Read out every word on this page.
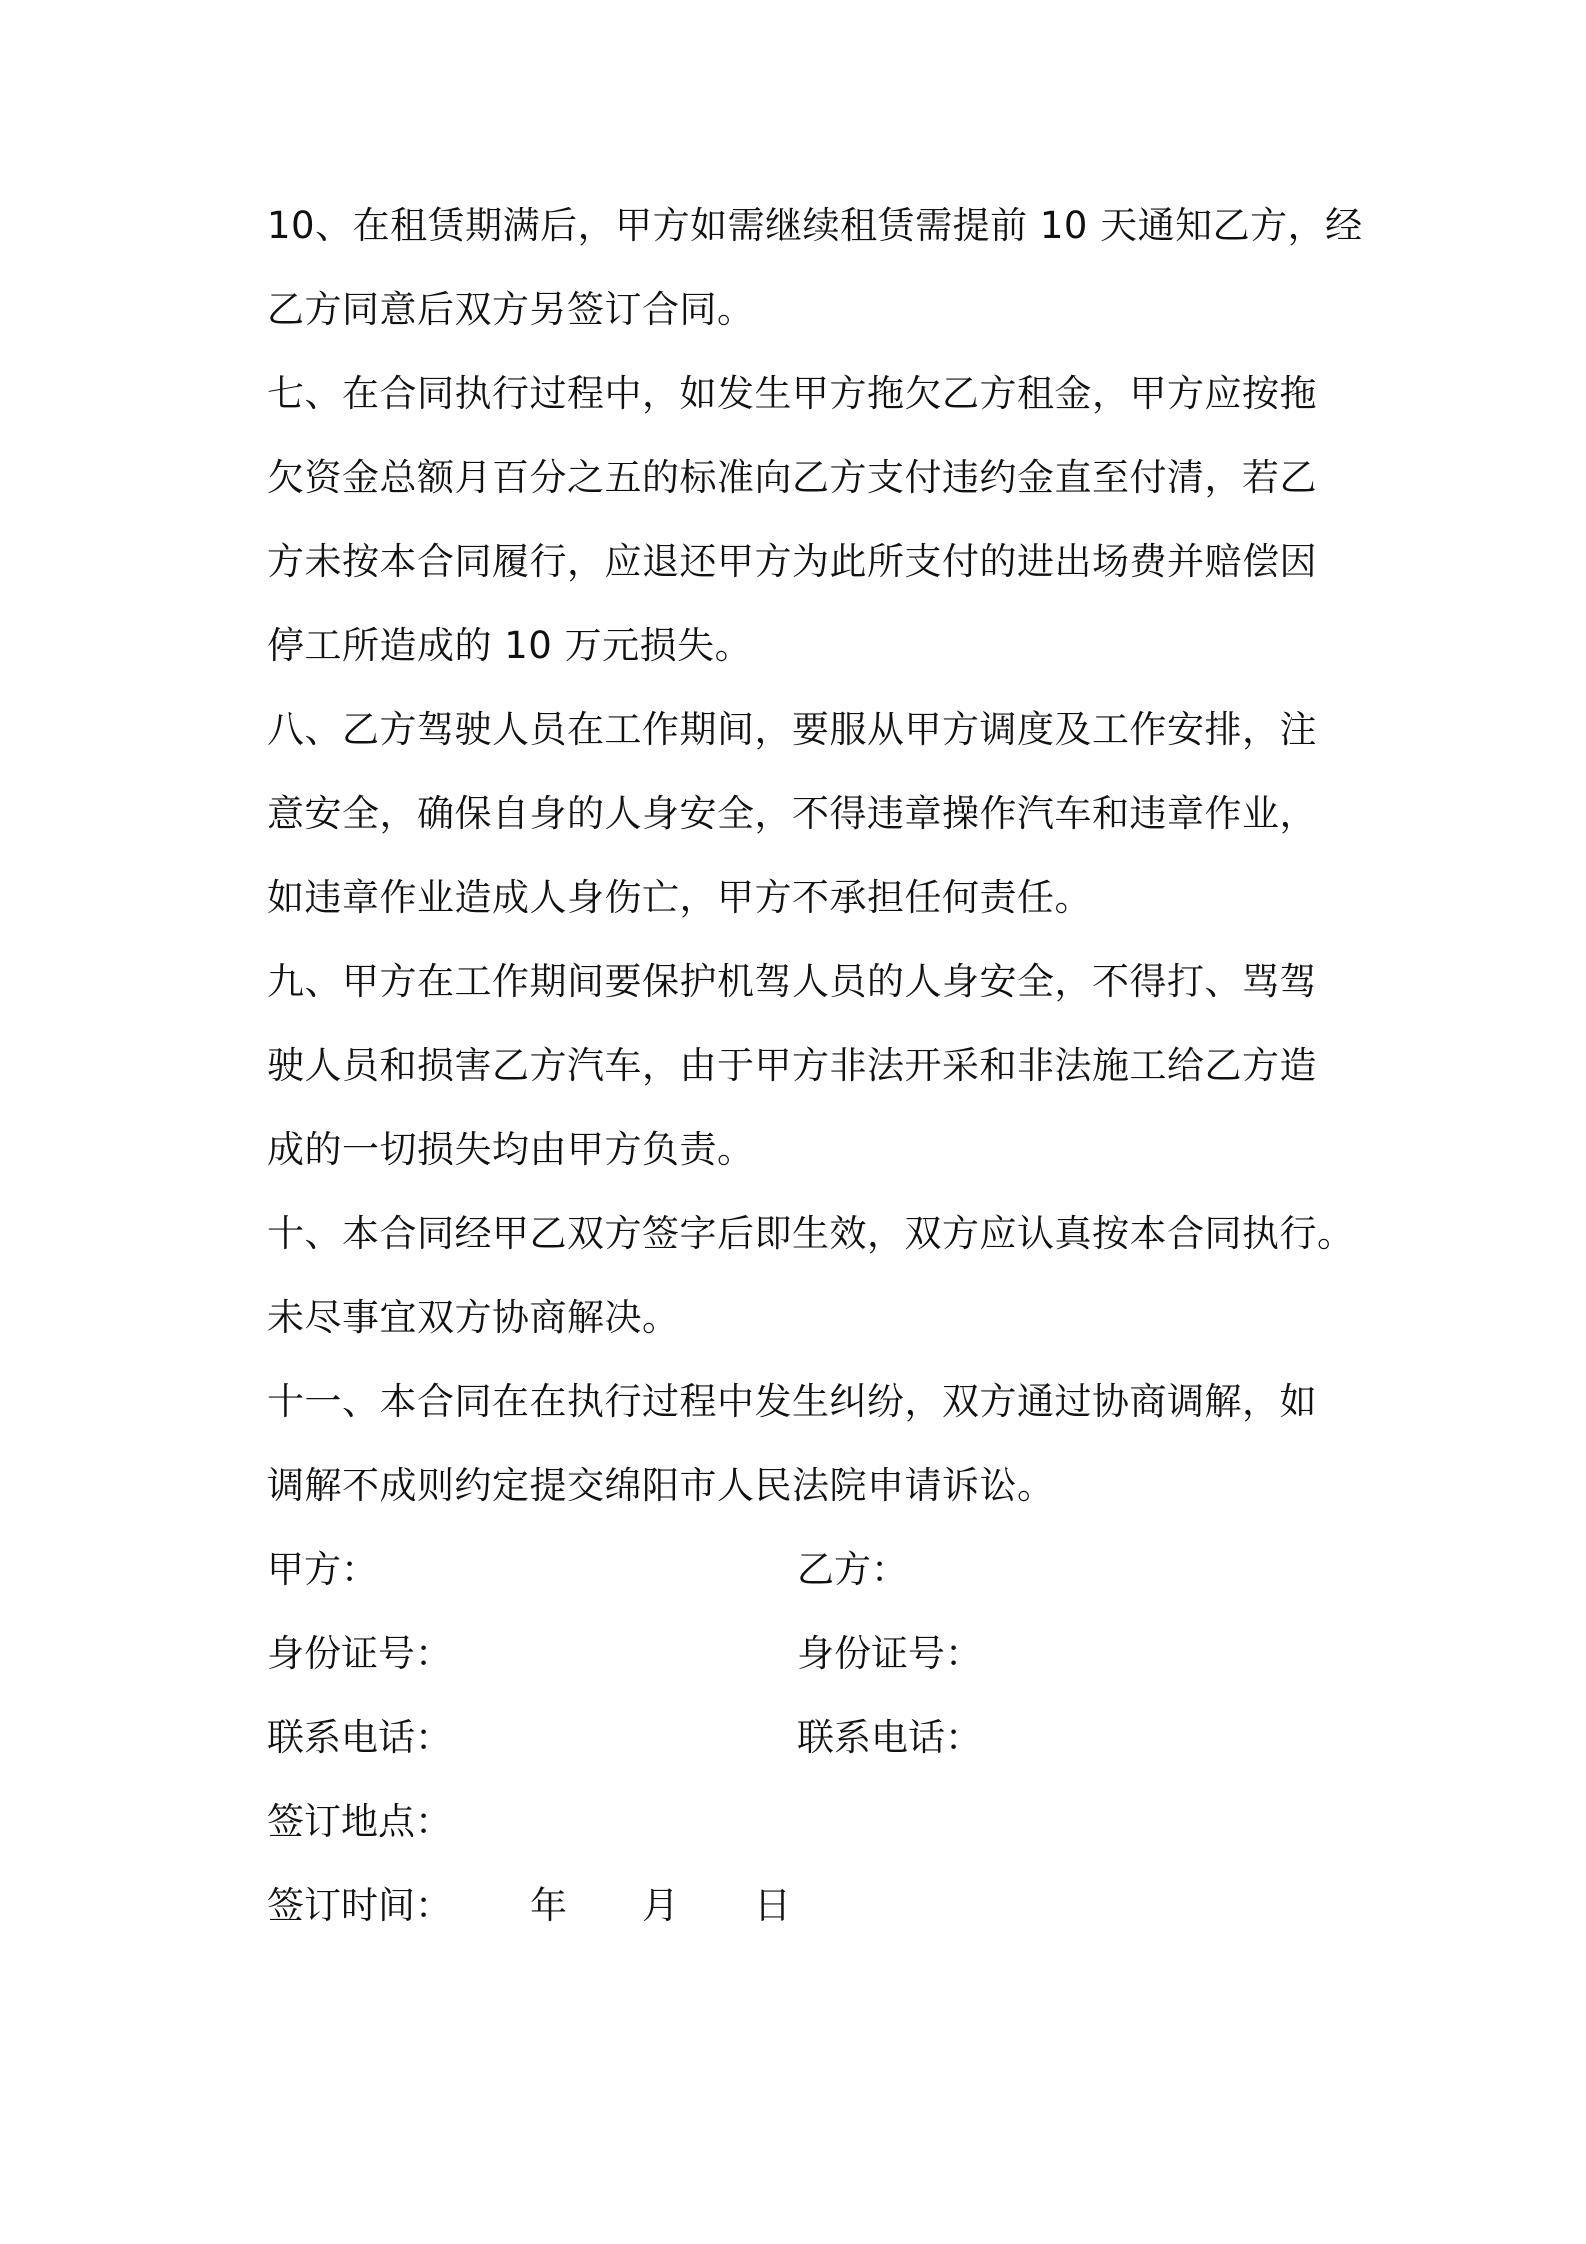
10、在租赁期满后，甲方如需继续租赁需提前 10 天通知乙方，经
乙方同意后双方另签订合同。
七、在合同执行过程中，如发生甲方拖欠乙方租金，甲方应按拖
欠资金总额月百分之五的标准向乙方支付违约金直至付清，若乙
方未按本合同履行，应退还甲方为此所支付的进出场费并赔偿因
停工所造成的 10 万元损失。
八、乙方驾驶人员在工作期间，要服从甲方调度及工作安排，注
意安全，确保自身的人身安全，不得违章操作汽车和违章作业，
如违章作业造成人身伤亡，甲方不承担任何责任。
九、甲方在工作期间要保护机驾人员的人身安全，不得打、骂驾
驶人员和损害乙方汽车，由于甲方非法开采和非法施工给乙方造
成的一切损失均由甲方负责。
十、本合同经甲乙双方签字后即生效，双方应认真按本合同执行。
未尽事宜双方协商解决。
十一、本合同在在执行过程中发生纠纷，双方通过协商调解，如
调解不成则约定提交绵阳市人民法院申请诉讼。
甲方：	乙方：
身份证号：	身份证号：
联系电话：	联系电话：
签订地点：
签订时间： 年 月 日
